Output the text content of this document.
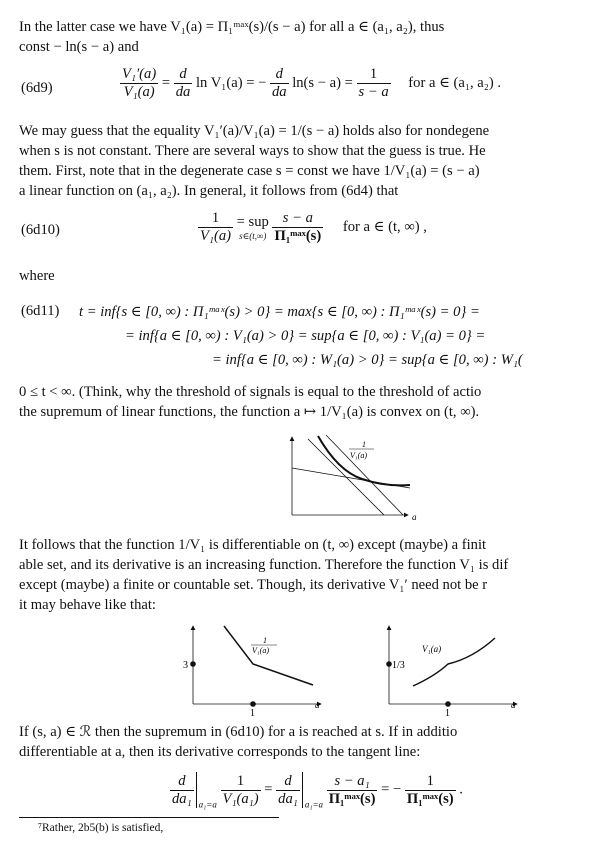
In the latter case we have V₁(a) = Π₁ᵐᵃˣ(s)/(s − a) for all a ∈ (a₁, a₂), thus
const − ln(s − a) and
(6d9)	$\frac{\text{V₁′(a)}}{\text{V₁(a)}} = \frac{d}{da}$ ln V₁(a) = − $\frac{d}{da} \ln(s - a) = \frac{1}{s - a}$ for a ∈ (a₁, a₂) .
We may guess that the equality V₁′(a)/V₁(a) = 1/(s − a) holds also for nondegene
when s is not constant. There are several ways to show that the guess is true. He
them. First, note that in the degenerate case s = const we have 1/V₁(a) = (s − a)
a linear function on (a₁, a₂). In general, it follows from (6d4) that
(6d10)	$\frac{1}{\text{V₁(a)}}$
= sup
s∈(t,∞)
$\frac{s - a}{\text{Π₁ᵐᵃˣ(s)}}$ for a ∈ (t, ∞) ,
where
(6d11) t = inf{s ∈ [0, ∞) : Π₁ᵐᵃˣ(s) > 0} = max{s ∈ [0, ∞) : Π₁ᵐᵃˣ(s) = 0} =
= inf{a ∈ [0, ∞) : V₁(a) > 0} = sup{a ∈ [0, ∞) : V₁(a) = 0} =
= inf{a ∈ [0, ∞) : W₁(a) > 0} = sup{a ∈ [0, ∞) : W₁(
0 ≤ t < ∞. (Think, why the threshold of signals is equal to the threshold of actio
the supremum of linear functions, the function a ↦ 1/V₁(a) is convex on (t, ∞).
1
V₁(a)
a
It follows that the function 1/V₁ is differentiable on (t, ∞) except (maybe) a finit
able set, and its derivative is an increasing function. Therefore the function V₁ is dif
except (maybe) a finite or countable set. Though, its derivative V₁′ need not be r
it may behave like that:
3
1
1
V₁(a)
a
1/3
1
V₁(a)
a
If (s, a) ∈ ℛ then the supremum in (6d10) for a is reached at s. If in additio
differentiable at a, then its derivative corresponds to the tangent line:
$\frac{d}{\text{da₁}} _{a_1=a} \frac{1}{\text{V₁(a₁)}} = \frac{d}{\text{da₁}} _{a_1=a} \frac{\text{s − a₁}}{\text{Π₁ᵐᵃˣ(s)}}$ = − $\frac{1}{\text{Π₁ᵐᵃˣ(s)}}$ .
⁷Rather, 2b5(b) is satisfied,
